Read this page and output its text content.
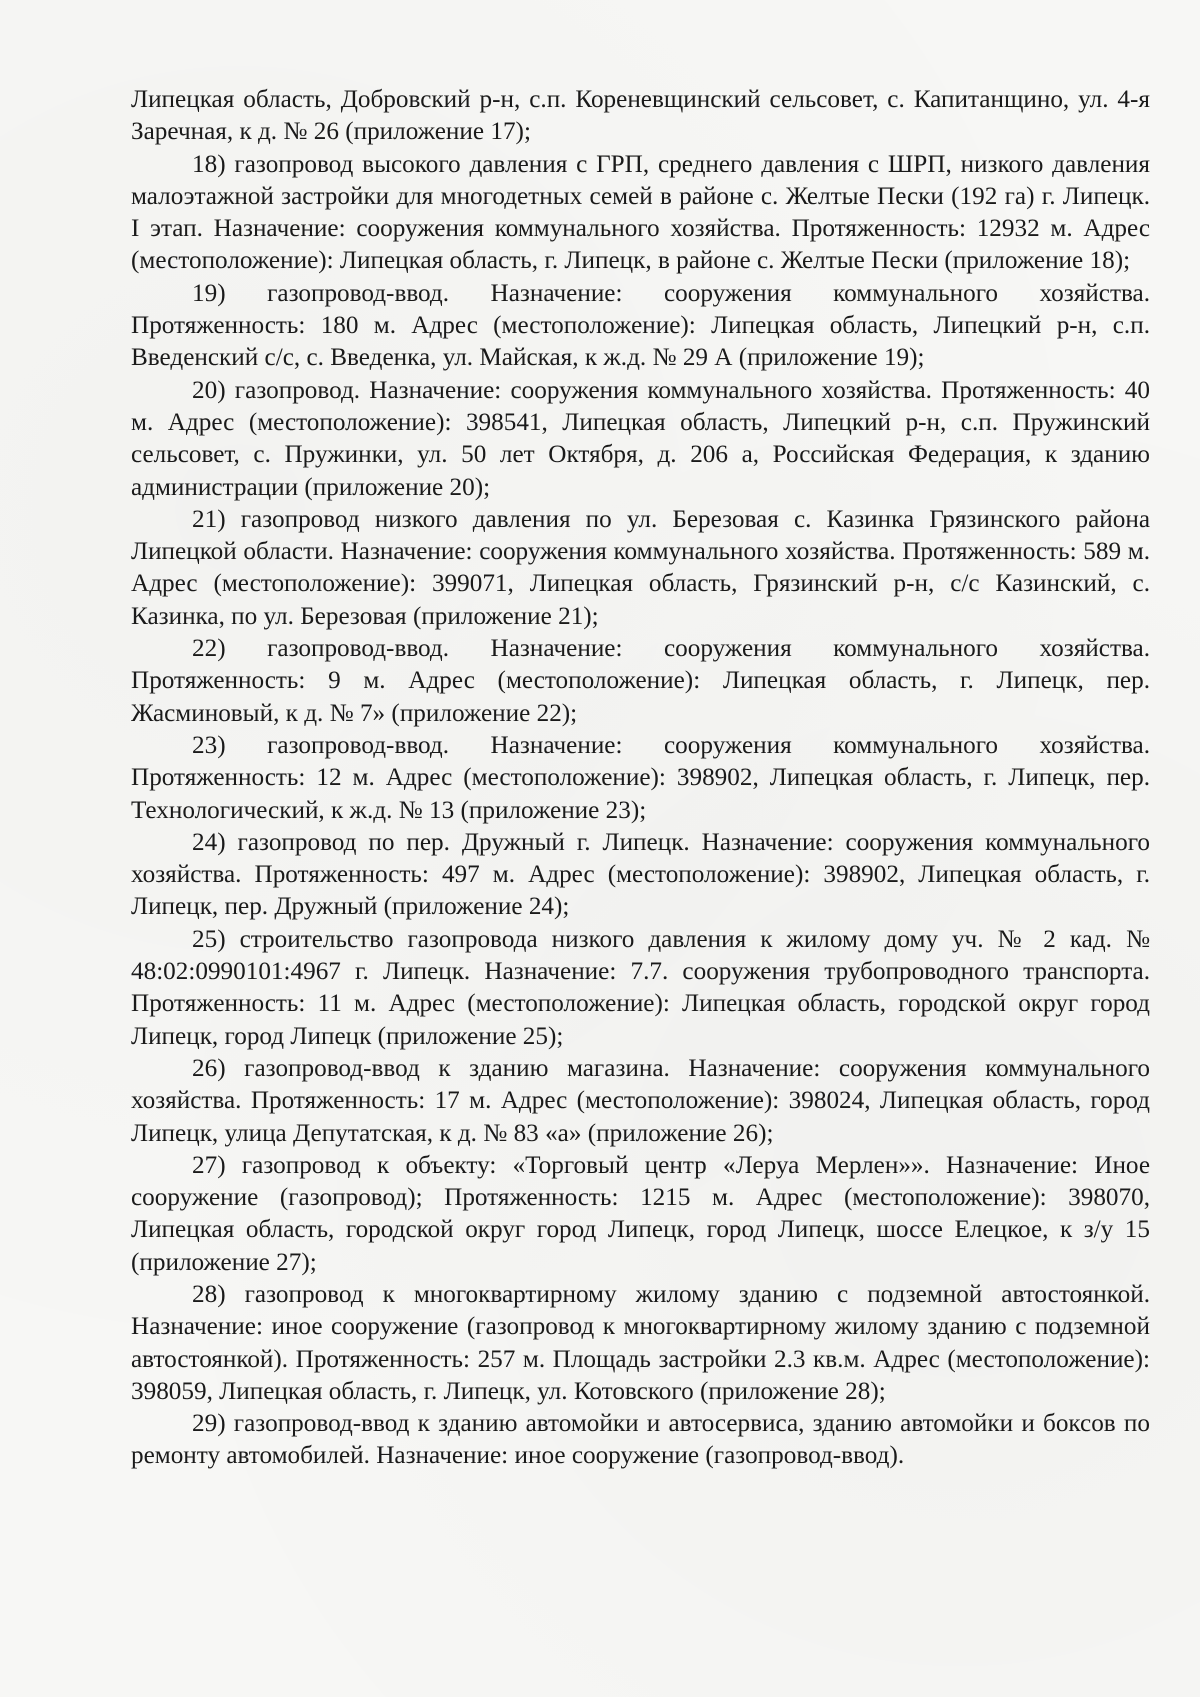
Липецкая область, Добровский р-н, с.п. Кореневщинский сельсовет, с. Капитанщино, ул. 4-я Заречная, к д. № 26 (приложение 17);

18) газопровод высокого давления с ГРП, среднего давления с ШРП, низкого давления малоэтажной застройки для многодетных семей в районе с. Желтые Пески (192 га) г. Липецк. I этап. Назначение: сооружения коммунального хозяйства. Протяженность: 12932 м. Адрес (местоположение): Липецкая область, г. Липецк, в районе с. Желтые Пески (приложение 18);

19) газопровод-ввод. Назначение: сооружения коммунального хозяйства. Протяженность: 180 м. Адрес (местоположение): Липецкая область, Липецкий р-н, с.п. Введенский с/с, с. Введенка, ул. Майская, к ж.д. № 29 А (приложение 19);

20) газопровод. Назначение: сооружения коммунального хозяйства. Протяженность: 40 м. Адрес (местоположение): 398541, Липецкая область, Липецкий р-н, с.п. Пружинский сельсовет, с. Пружинки, ул. 50 лет Октября, д. 206 а, Российская Федерация, к зданию администрации (приложение 20);

21) газопровод низкого давления по ул. Березовая с. Казинка Грязинского района Липецкой области. Назначение: сооружения коммунального хозяйства. Протяженность: 589 м. Адрес (местоположение): 399071, Липецкая область, Грязинский р-н, с/с Казинский, с. Казинка, по ул. Березовая (приложение 21);

22) газопровод-ввод. Назначение: сооружения коммунального хозяйства. Протяженность: 9 м. Адрес (местоположение): Липецкая область, г. Липецк, пер. Жасминовый, к д. № 7» (приложение 22);

23) газопровод-ввод. Назначение: сооружения коммунального хозяйства. Протяженность: 12 м. Адрес (местоположение): 398902, Липецкая область, г. Липецк, пер. Технологический, к ж.д. № 13 (приложение 23);

24) газопровод по пер. Дружный г. Липецк. Назначение: сооружения коммунального хозяйства. Протяженность: 497 м. Адрес (местоположение): 398902, Липецкая область, г. Липецк, пер. Дружный (приложение 24);

25) строительство газопровода низкого давления к жилому дому уч. № 2 кад. № 48:02:0990101:4967 г. Липецк. Назначение: 7.7. сооружения трубопроводного транспорта. Протяженность: 11 м. Адрес (местоположение): Липецкая область, городской округ город Липецк, город Липецк (приложение 25);

26) газопровод-ввод к зданию магазина. Назначение: сооружения коммунального хозяйства. Протяженность: 17 м. Адрес (местоположение): 398024, Липецкая область, город Липецк, улица Депутатская, к д. № 83 «а» (приложение 26);

27) газопровод к объекту: «Торговый центр «Леруа Мерлен»». Назначение: Иное сооружение (газопровод); Протяженность: 1215 м. Адрес (местоположение): 398070, Липецкая область, городской округ город Липецк, город Липецк, шоссе Елецкое, к з/у 15 (приложение 27);

28) газопровод к многоквартирному жилому зданию с подземной автостоянкой. Назначение: иное сооружение (газопровод к многоквартирному жилому зданию с подземной автостоянкой). Протяженность: 257 м. Площадь застройки 2.3 кв.м. Адрес (местоположение): 398059, Липецкая область, г. Липецк, ул. Котовского (приложение 28);

29) газопровод-ввод к зданию автомойки и автосервиса, зданию автомойки и боксов по ремонту автомобилей. Назначение: иное сооружение (газопровод-ввод).
